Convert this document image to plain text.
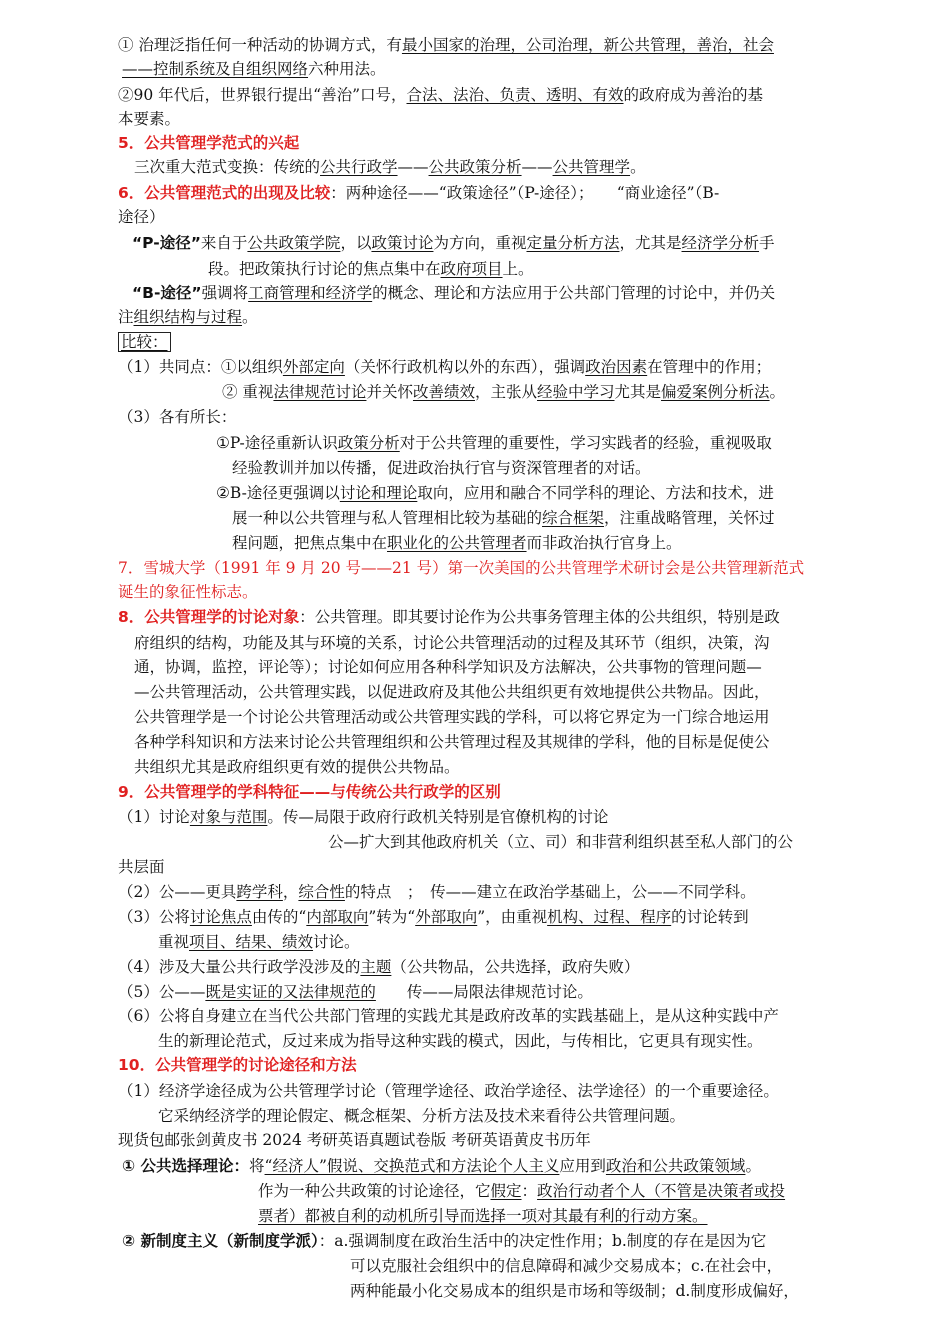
① 治理泛指任何一种活动的协调方式，有最小国家的治理，公司治理，新公共管理，善治，社会
——控制系统及自组织网络六种用法。
②90 年代后，世界银行提出“善治”口号，合法、法治、负责、透明、有效的政府成为善治的基
本要素。
5．公共管理学范式的兴起
三次重大范式变换：传统的公共行政学——公共政策分析——公共管理学。
6．公共管理范式的出现及比较：两种途径——“政策途径”（P-途径）；　　“商业途径”（B-
途径）
“P-途径”来自于公共政策学院，以政策讨论为方向，重视定量分析方法，尤其是经济学分析手
段。把政策执行讨论的焦点集中在政府项目上。
“B-途径”强调将工商管理和经济学的概念、理论和方法应用于公共部门管理的讨论中，并仍关
注组织结构与过程。
比较：
（1）共同点：①以组织外部定向（关怀行政机构以外的东西），强调政治因素在管理中的作用；
② 重视法律规范讨论并关怀改善绩效，主张从经验中学习尤其是偏爱案例分析法。
（3）各有所长：
①P-途径重新认识政策分析对于公共管理的重要性，学习实践者的经验，重视吸取
经验教训并加以传播，促进政治执行官与资深管理者的对话。
②B-途径更强调以讨论和理论取向，应用和融合不同学科的理论、方法和技术，进
展一种以公共管理与私人管理相比较为基础的综合框架，注重战略管理，关怀过
程问题，把焦点集中在职业化的公共管理者而非政治执行官身上。
7．雪城大学（1991 年 9 月 20 号——21 号）第一次美国的公共管理学术研讨会是公共管理新范式
诞生的象征性标志。
8．公共管理学的讨论对象：公共管理。即其要讨论作为公共事务管理主体的公共组织，特别是政
府组织的结构，功能及其与环境的关系，讨论公共管理活动的过程及其环节（组织，决策，沟
通，协调，监控，评论等）；讨论如何应用各种科学知识及方法解决，公共事物的管理问题—
—公共管理活动，公共管理实践，以促进政府及其他公共组织更有效地提供公共物品。因此，
公共管理学是一个讨论公共管理活动或公共管理实践的学科，可以将它界定为一门综合地运用
各种学科知识和方法来讨论公共管理组织和公共管理过程及其规律的学科，他的目标是促使公
共组织尤其是政府组织更有效的提供公共物品。
9．公共管理学的学科特征——与传统公共行政学的区别
（1）讨论对象与范围。传—局限于政府行政机关特别是官僚机构的讨论
公—扩大到其他政府机关（立、司）和非营利组织甚至私人部门的公
共层面
（2）公——更具跨学科，综合性的特点　；　传——建立在政治学基础上，公——不同学科。
（3）公将讨论焦点由传的“内部取向”转为“外部取向”，由重视机构、过程、程序的讨论转到
重视项目、结果、绩效讨论。
（4）涉及大量公共行政学没涉及的主题（公共物品，公共选择，政府失败）
（5）公——既是实证的又法律规范的　　传——局限法律规范讨论。
（6）公将自身建立在当代公共部门管理的实践尤其是政府改革的实践基础上，是从这种实践中产
生的新理论范式，反过来成为指导这种实践的模式，因此，与传相比，它更具有现实性。
10．公共管理学的讨论途径和方法
（1）经济学途径成为公共管理学讨论（管理学途径、政治学途径、法学途径）的一个重要途径。
它采纳经济学的理论假定、概念框架、分析方法及技术来看待公共管理问题。
现货包邮张剑黄皮书 2024 考研英语真题试卷版 考研英语黄皮书历年
① 公共选择理论：将“经济人”假说、交换范式和方法论个人主义应用到政治和公共政策领域。
作为一种公共政策的讨论途径，它假定：政治行动者个人（不管是决策者或投
票者）都被自利的动机所引导而选择一项对其最有利的行动方案。
② 新制度主义（新制度学派）：a.强调制度在政治生活中的决定性作用；b.制度的存在是因为它
可以克服社会组织中的信息障碍和减少交易成本；c.在社会中，
两种能最小化交易成本的组织是市场和等级制；d.制度形成偏好，
